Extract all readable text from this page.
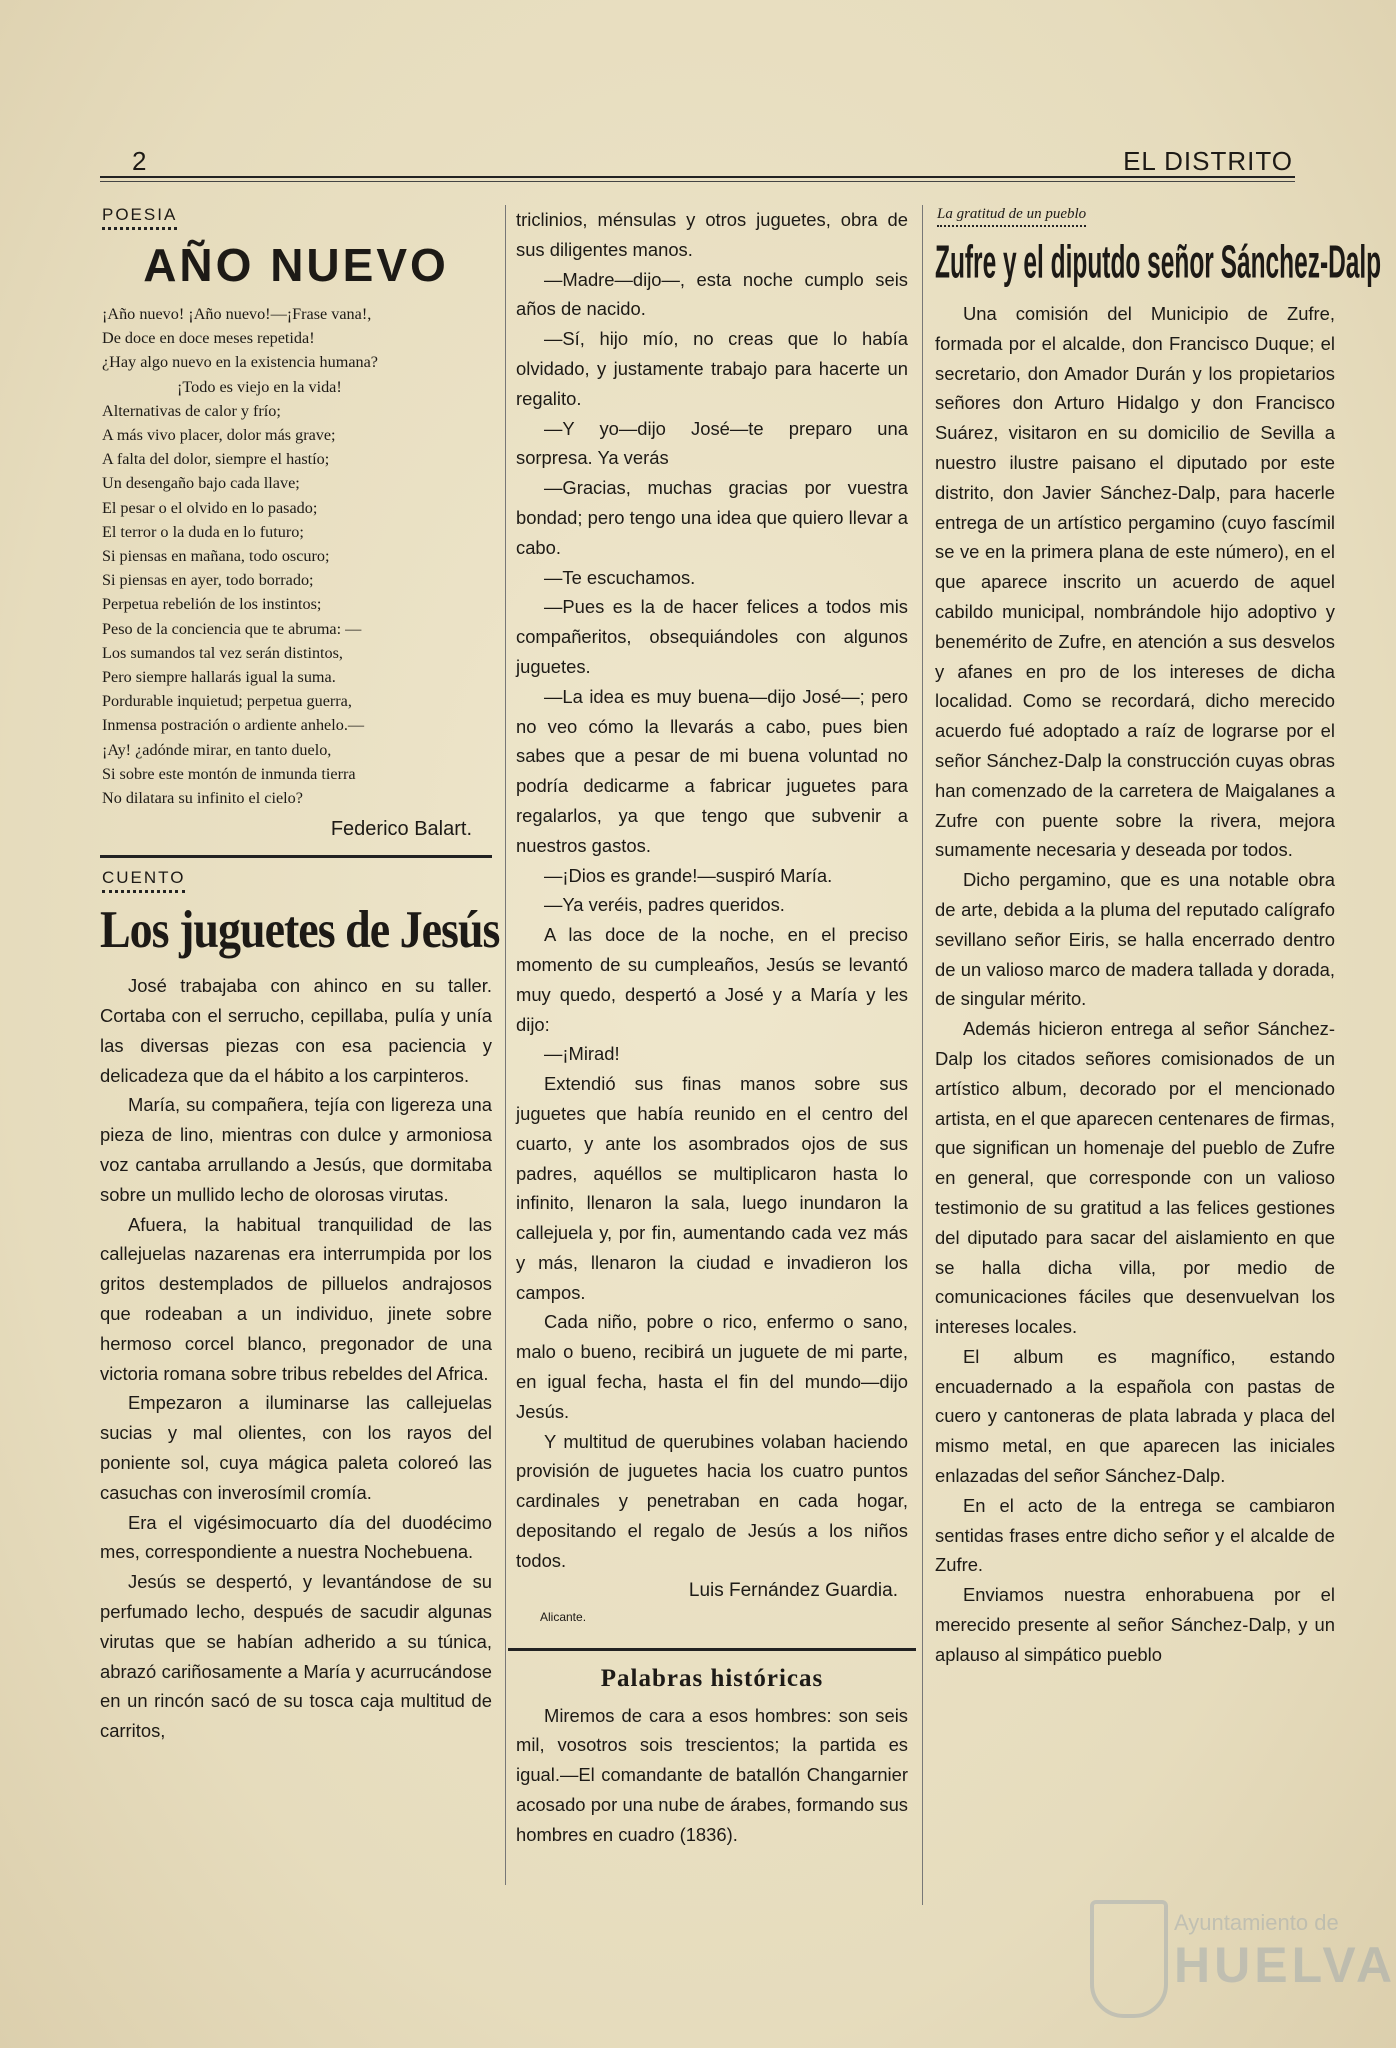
2	EL DISTRITO
POESIA
AÑO NUEVO
¡Año nuevo! ¡Año nuevo!—¡Frase vana!,
De doce en doce meses repetida!
¿Hay algo nuevo en la existencia humana?
¡Todo es viejo en la vida!
Alternativas de calor y frío;
A más vivo placer, dolor más grave;
A falta del dolor, siempre el hastío;
Un desengaño bajo cada llave;
El pesar o el olvido en lo pasado;
El terror o la duda en lo futuro;
Si piensas en mañana, todo oscuro;
Si piensas en ayer, todo borrado;
Perpetua rebelión de los instintos;
Peso de la conciencia que te abruma: —
Los sumandos tal vez serán distintos,
Pero siempre hallarás igual la suma.
Pordurable inquietud; perpetua guerra,
Inmensa postración o ardiente anhelo.—
¡Ay! ¿adónde mirar, en tanto duelo,
Si sobre este montón de inmunda tierra
No dilatara su infinito el cielo?
Federico Balart.
CUENTO
Los juguetes de Jesús

José trabajaba con ahinco en su taller. Cortaba con el serrucho, cepillaba, pulía y unía las diversas piezas con esa paciencia y delicadeza que da el hábito a los carpinteros.

María, su compañera, tejía con ligereza una pieza de lino, mientras con dulce y armoniosa voz cantaba arrullando a Jesús, que dormitaba sobre un mullido lecho de olorosas virutas.

Afuera, la habitual tranquilidad de las callejuelas nazarenas era interrumpida por los gritos destemplados de pilluelos andrajosos que rodeaban a un individuo, jinete sobre hermoso corcel blanco, pregonador de una victoria romana sobre tribus rebeldes del Africa.

Empezaron a iluminarse las callejuelas sucias y mal olientes, con los rayos del poniente sol, cuya mágica paleta coloreó las casuchas con inverosímil cromía.

Era el vigésimocuarto día del duodécimo mes, correspondiente a nuestra Nochebuena.

Jesús se despertó, y levantándose de su perfumado lecho, después de sacudir algunas virutas que se habían adherido a su túnica, abrazó cariñosamente a María y acurrucándose en un rincón sacó de su tosca caja multitud de carritos,

triclinios, ménsulas y otros juguetes, obra de sus diligentes manos.

—Madre—dijo—, esta noche cumplo seis años de nacido.

—Sí, hijo mío, no creas que lo había olvidado, y justamente trabajo para hacerte un regalito.

—Y yo—dijo José—te preparo una sorpresa. Ya verás

—Gracias, muchas gracias por vuestra bondad; pero tengo una idea que quiero llevar a cabo.

—Te escuchamos.

—Pues es la de hacer felices a todos mis compañeritos, obsequiándoles con algunos juguetes.

—La idea es muy buena—dijo José—; pero no veo cómo la llevarás a cabo, pues bien sabes que a pesar de mi buena voluntad no podría dedicarme a fabricar juguetes para regalarlos, ya que tengo que subvenir a nuestros gastos.

—¡Dios es grande!—suspiró María.

—Ya veréis, padres queridos.

A las doce de la noche, en el preciso momento de su cumpleaños, Jesús se levantó muy quedo, despertó a José y a María y les dijo:

—¡Mirad!

Extendió sus finas manos sobre sus juguetes que había reunido en el centro del cuarto, y ante los asombrados ojos de sus padres, aquéllos se multiplicaron hasta lo infinito, llenaron la sala, luego inundaron la callejuela y, por fin, aumentando cada vez más y más, llenaron la ciudad e invadieron los campos.

Cada niño, pobre o rico, enfermo o sano, malo o bueno, recibirá un juguete de mi parte, en igual fecha, hasta el fin del mundo—dijo Jesús.

Y multitud de querubines volaban haciendo provisión de juguetes hacia los cuatro puntos cardinales y penetraban en cada hogar, depositando el regalo de Jesús a los niños todos.

Luis Fernández Guardia.
Alicante.
Palabras históricas

Miremos de cara a esos hombres: son seis mil, vosotros sois trescientos; la partida es igual.—El comandante de batallón Changarnier acosado por una nube de árabes, formando sus hombres en cuadro (1836).

La gratitud de un pueblo
Zufre y el diputdo señor Sánchez-Dalp

Una comisión del Municipio de Zufre, formada por el alcalde, don Francisco Duque; el secretario, don Amador Durán y los propietarios señores don Arturo Hidalgo y don Francisco Suárez, visitaron en su domicilio de Sevilla a nuestro ilustre paisano el diputado por este distrito, don Javier Sánchez-Dalp, para hacerle entrega de un artístico pergamino (cuyo fascímil se ve en la primera plana de este número), en el que aparece inscrito un acuerdo de aquel cabildo municipal, nombrándole hijo adoptivo y benemérito de Zufre, en atención a sus desvelos y afanes en pro de los intereses de dicha localidad. Como se recordará, dicho merecido acuerdo fué adoptado a raíz de lograrse por el señor Sánchez-Dalp la construcción cuyas obras han comenzado de la carretera de Maigalanes a Zufre con puente sobre la rivera, mejora sumamente necesaria y deseada por todos.

Dicho pergamino, que es una notable obra de arte, debida a la pluma del reputado calígrafo sevillano señor Eiris, se halla encerrado dentro de un valioso marco de madera tallada y dorada, de singular mérito.

Además hicieron entrega al señor Sánchez-Dalp los citados señores comisionados de un artístico album, decorado por el mencionado artista, en el que aparecen centenares de firmas, que significan un homenaje del pueblo de Zufre en general, que corresponde con un valioso testimonio de su gratitud a las felices gestiones del diputado para sacar del aislamiento en que se halla dicha villa, por medio de comunicaciones fáciles que desenvuelvan los intereses locales.

El album es magnífico, estando encuadernado a la española con pastas de cuero y cantoneras de plata labrada y placa del mismo metal, en que aparecen las iniciales enlazadas del señor Sánchez-Dalp.

En el acto de la entrega se cambiaron sentidas frases entre dicho señor y el alcalde de Zufre.

Enviamos nuestra enhorabuena por el merecido presente al señor Sánchez-Dalp, y un aplauso al simpático pueblo

Ayuntamiento de
HUELVA
